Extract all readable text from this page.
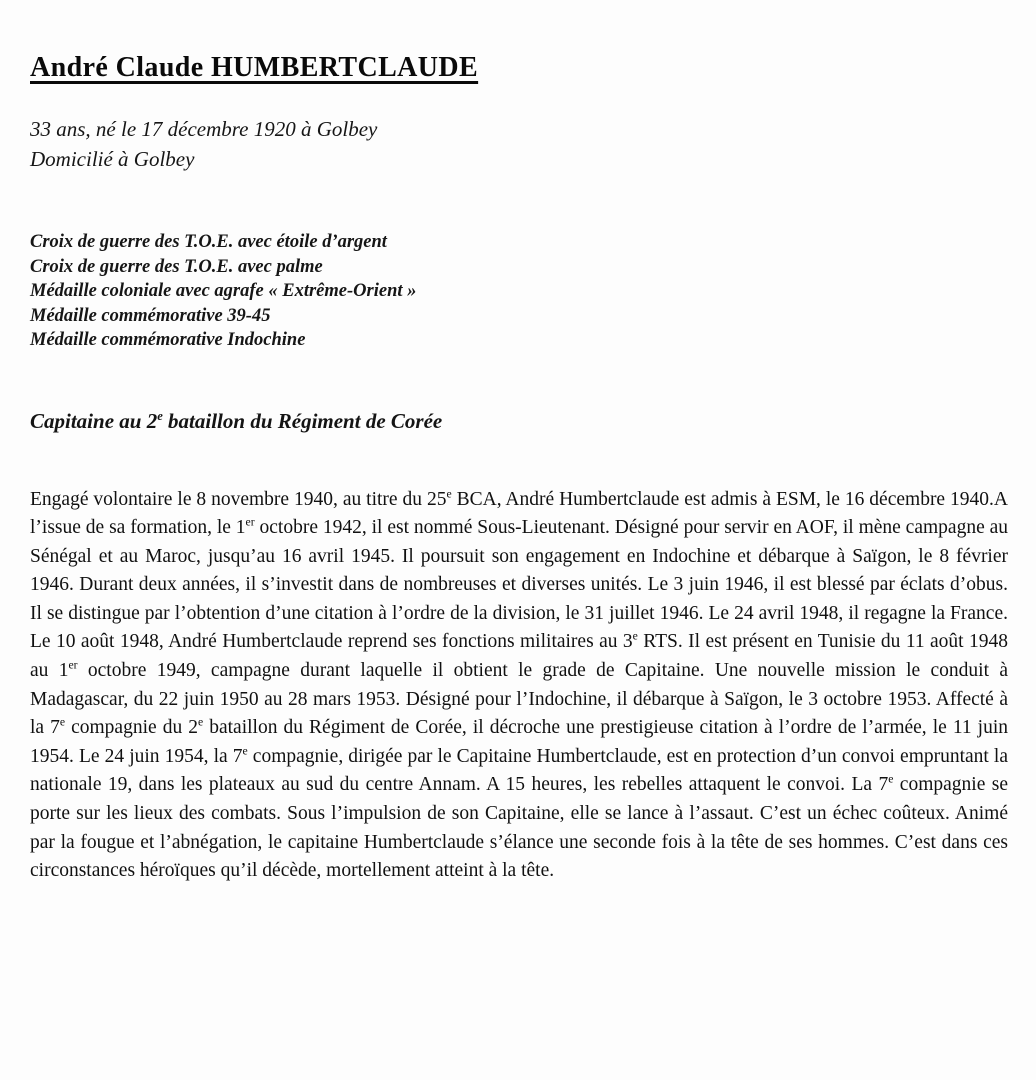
André Claude HUMBERTCLAUDE
33 ans, né le 17 décembre 1920 à Golbey
Domicilié à Golbey
Croix de guerre des T.O.E. avec étoile d’argent
Croix de guerre des T.O.E. avec palme
Médaille coloniale avec agrafe « Extrême-Orient »
Médaille commémorative 39-45
Médaille commémorative Indochine
Capitaine au 2e bataillon du Régiment de Corée
Engagé volontaire le 8 novembre 1940, au titre du 25e BCA, André Humbertclaude est admis à ESM, le 16 décembre 1940.A l’issue de sa formation, le 1er octobre 1942, il est nommé Sous-Lieutenant. Désigné pour servir en AOF, il mène campagne au Sénégal et au Maroc, jusqu’au 16 avril 1945. Il poursuit son engagement en Indochine et débarque à Saïgon, le 8 février 1946. Durant deux années, il s’investit dans de nombreuses et diverses unités. Le 3 juin 1946, il est blessé par éclats d’obus. Il se distingue par l’obtention d’une citation à l’ordre de la division, le 31 juillet 1946. Le 24 avril 1948, il regagne la France. Le 10 août 1948, André Humbertclaude reprend ses fonctions militaires au 3e RTS. Il est présent en Tunisie du 11 août 1948 au 1er octobre 1949, campagne durant laquelle il obtient le grade de Capitaine. Une nouvelle mission le conduit à Madagascar, du 22 juin 1950 au 28 mars 1953. Désigné pour l’Indochine, il débarque à Saïgon, le 3 octobre 1953. Affecté à la 7e compagnie du 2e bataillon du Régiment de Corée, il décroche une prestigieuse citation à l’ordre de l’armée, le 11 juin 1954. Le 24 juin 1954, la 7e compagnie, dirigée par le Capitaine Humbertclaude, est en protection d’un convoi empruntant la nationale 19, dans les plateaux au sud du centre Annam. A 15 heures, les rebelles attaquent le convoi. La 7e compagnie se porte sur les lieux des combats. Sous l’impulsion de son Capitaine, elle se lance à l’assaut. C’est un échec coûteux. Animé par la fougue et l’abnégation, le capitaine Humbertclaude s’élance une seconde fois à la tête de ses hommes. C’est dans ces circonstances héroïques qu’il décède, mortellement atteint à la tête.
